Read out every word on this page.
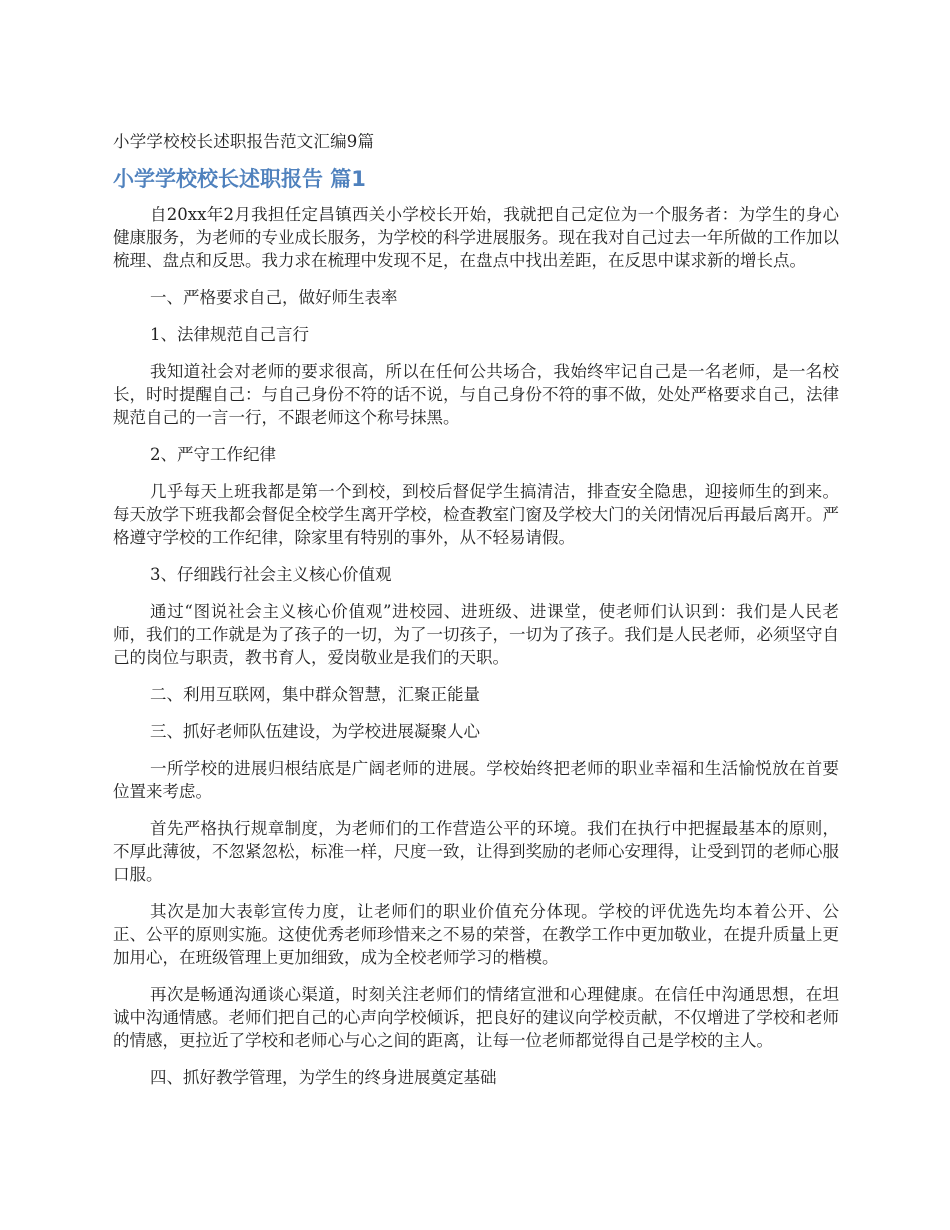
小学学校校长述职报告范文汇编9篇
小学学校校长述职报告 篇1

自20xx年2月我担任定昌镇西关小学校长开始，我就把自己定位为一个服务者：为学生的身心健康服务，为老师的专业成长服务，为学校的科学进展服务。现在我对自己过去一年所做的工作加以梳理、盘点和反思。我力求在梳理中发现不足，在盘点中找出差距，在反思中谋求新的增长点。

一、严格要求自己，做好师生表率

1、法律规范自己言行

我知道社会对老师的要求很高，所以在任何公共场合，我始终牢记自己是一名老师，是一名校长，时时提醒自己：与自己身份不符的话不说，与自己身份不符的事不做，处处严格要求自己，法律规范自己的一言一行，不跟老师这个称号抹黑。

2、严守工作纪律

几乎每天上班我都是第一个到校，到校后督促学生搞清洁，排查安全隐患，迎接师生的到来。每天放学下班我都会督促全校学生离开学校，检查教室门窗及学校大门的关闭情况后再最后离开。严格遵守学校的工作纪律，除家里有特别的事外，从不轻易请假。

3、仔细践行社会主义核心价值观

通过“图说社会主义核心价值观”进校园、进班级、进课堂，使老师们认识到：我们是人民老师，我们的工作就是为了孩子的一切，为了一切孩子，一切为了孩子。我们是人民老师，必须坚守自己的岗位与职责，教书育人，爱岗敬业是我们的天职。

二、利用互联网，集中群众智慧，汇聚正能量

三、抓好老师队伍建设，为学校进展凝聚人心

一所学校的进展归根结底是广阔老师的进展。学校始终把老师的职业幸福和生活愉悦放在首要位置来考虑。

首先严格执行规章制度，为老师们的工作营造公平的环境。我们在执行中把握最基本的原则，不厚此薄彼，不忽紧忽松，标准一样，尺度一致，让得到奖励的老师心安理得，让受到罚的老师心服口服。

其次是加大表彰宣传力度，让老师们的职业价值充分体现。学校的评优选先均本着公开、公正、公平的原则实施。这使优秀老师珍惜来之不易的荣誉，在教学工作中更加敬业，在提升质量上更加用心，在班级管理上更加细致，成为全校老师学习的楷模。

再次是畅通沟通谈心渠道，时刻关注老师们的情绪宣泄和心理健康。在信任中沟通思想，在坦诚中沟通情感。老师们把自己的心声向学校倾诉，把良好的建议向学校贡献，不仅增进了学校和老师的情感，更拉近了学校和老师心与心之间的距离，让每一位老师都觉得自己是学校的主人。

四、抓好教学管理，为学生的终身进展奠定基础
